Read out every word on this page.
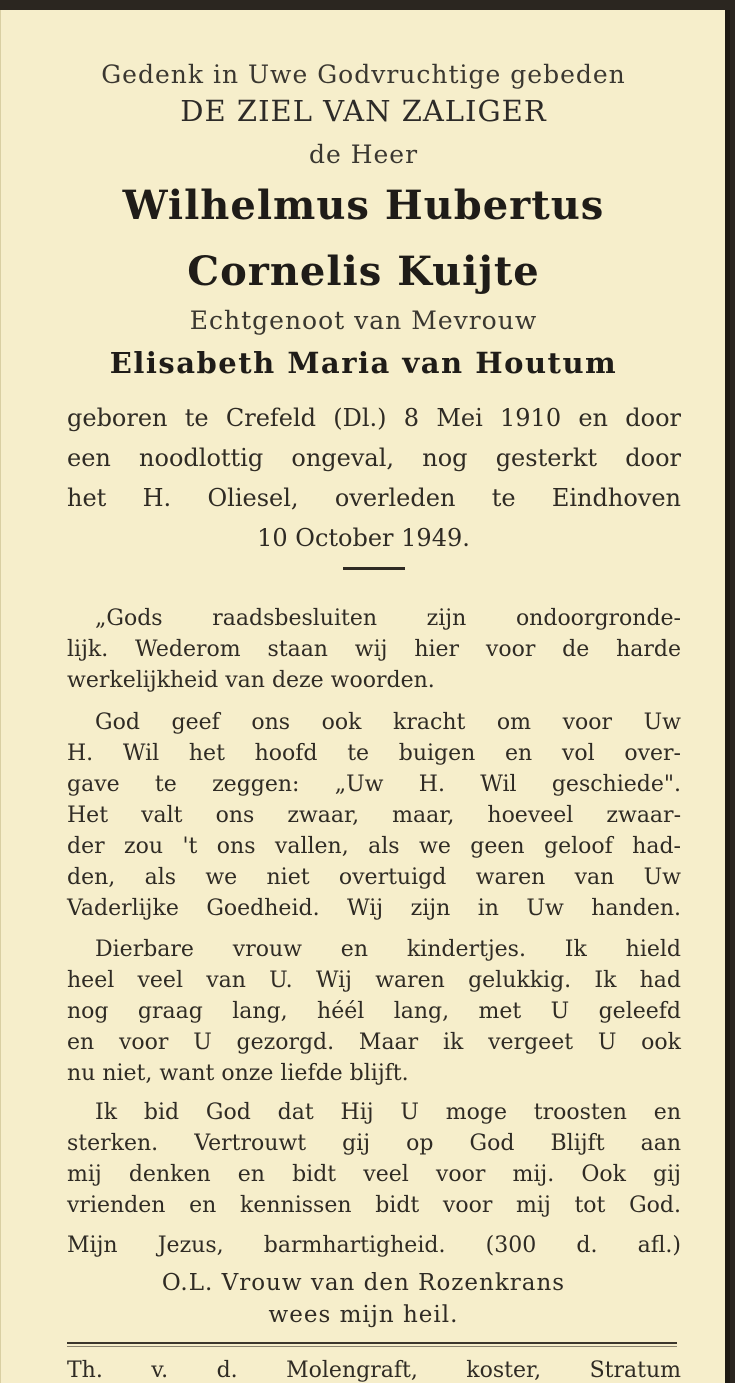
Gedenk in Uwe Godvruchtige gebeden
DE ZIEL VAN ZALIGER
de Heer
Wilhelmus Hubertus
Cornelis Kuijte
Echtgenoot van Mevrouw
Elisabeth Maria van Houtum
geboren te Crefeld (Dl.) 8 Mei 1910 en door
een noodlottig ongeval, nog gesterkt door
het H. Oliesel, overleden te Eindhoven
10 October 1949.
„Gods raadsbesluiten zijn ondoorgronde-
lijk. Wederom staan wij hier voor de harde
werkelijkheid van deze woorden.
God geef ons ook kracht om voor Uw
H. Wil het hoofd te buigen en vol over-
gave te zeggen: „Uw H. Wil geschiede".
Het valt ons zwaar, maar, hoeveel zwaar-
der zou 't ons vallen, als we geen geloof had-
den, als we niet overtuigd waren van Uw
Vaderlijke Goedheid. Wij zijn in Uw handen.
Dierbare vrouw en kindertjes. Ik hield
heel veel van U. Wij waren gelukkig. Ik had
nog graag lang, héél lang, met U geleefd
en voor U gezorgd. Maar ik vergeet U ook
nu niet, want onze liefde blijft.
Ik bid God dat Hij U moge troosten en
sterken. Vertrouwt gij op God Blijft aan
mij denken en bidt veel voor mij. Ook gij
vrienden en kennissen bidt voor mij tot God.
Mijn Jezus, barmhartigheid. (300 d. afl.)
O.L. Vrouw van den Rozenkrans
wees mijn heil.
Th. v. d. Molengraft, koster, Stratum
